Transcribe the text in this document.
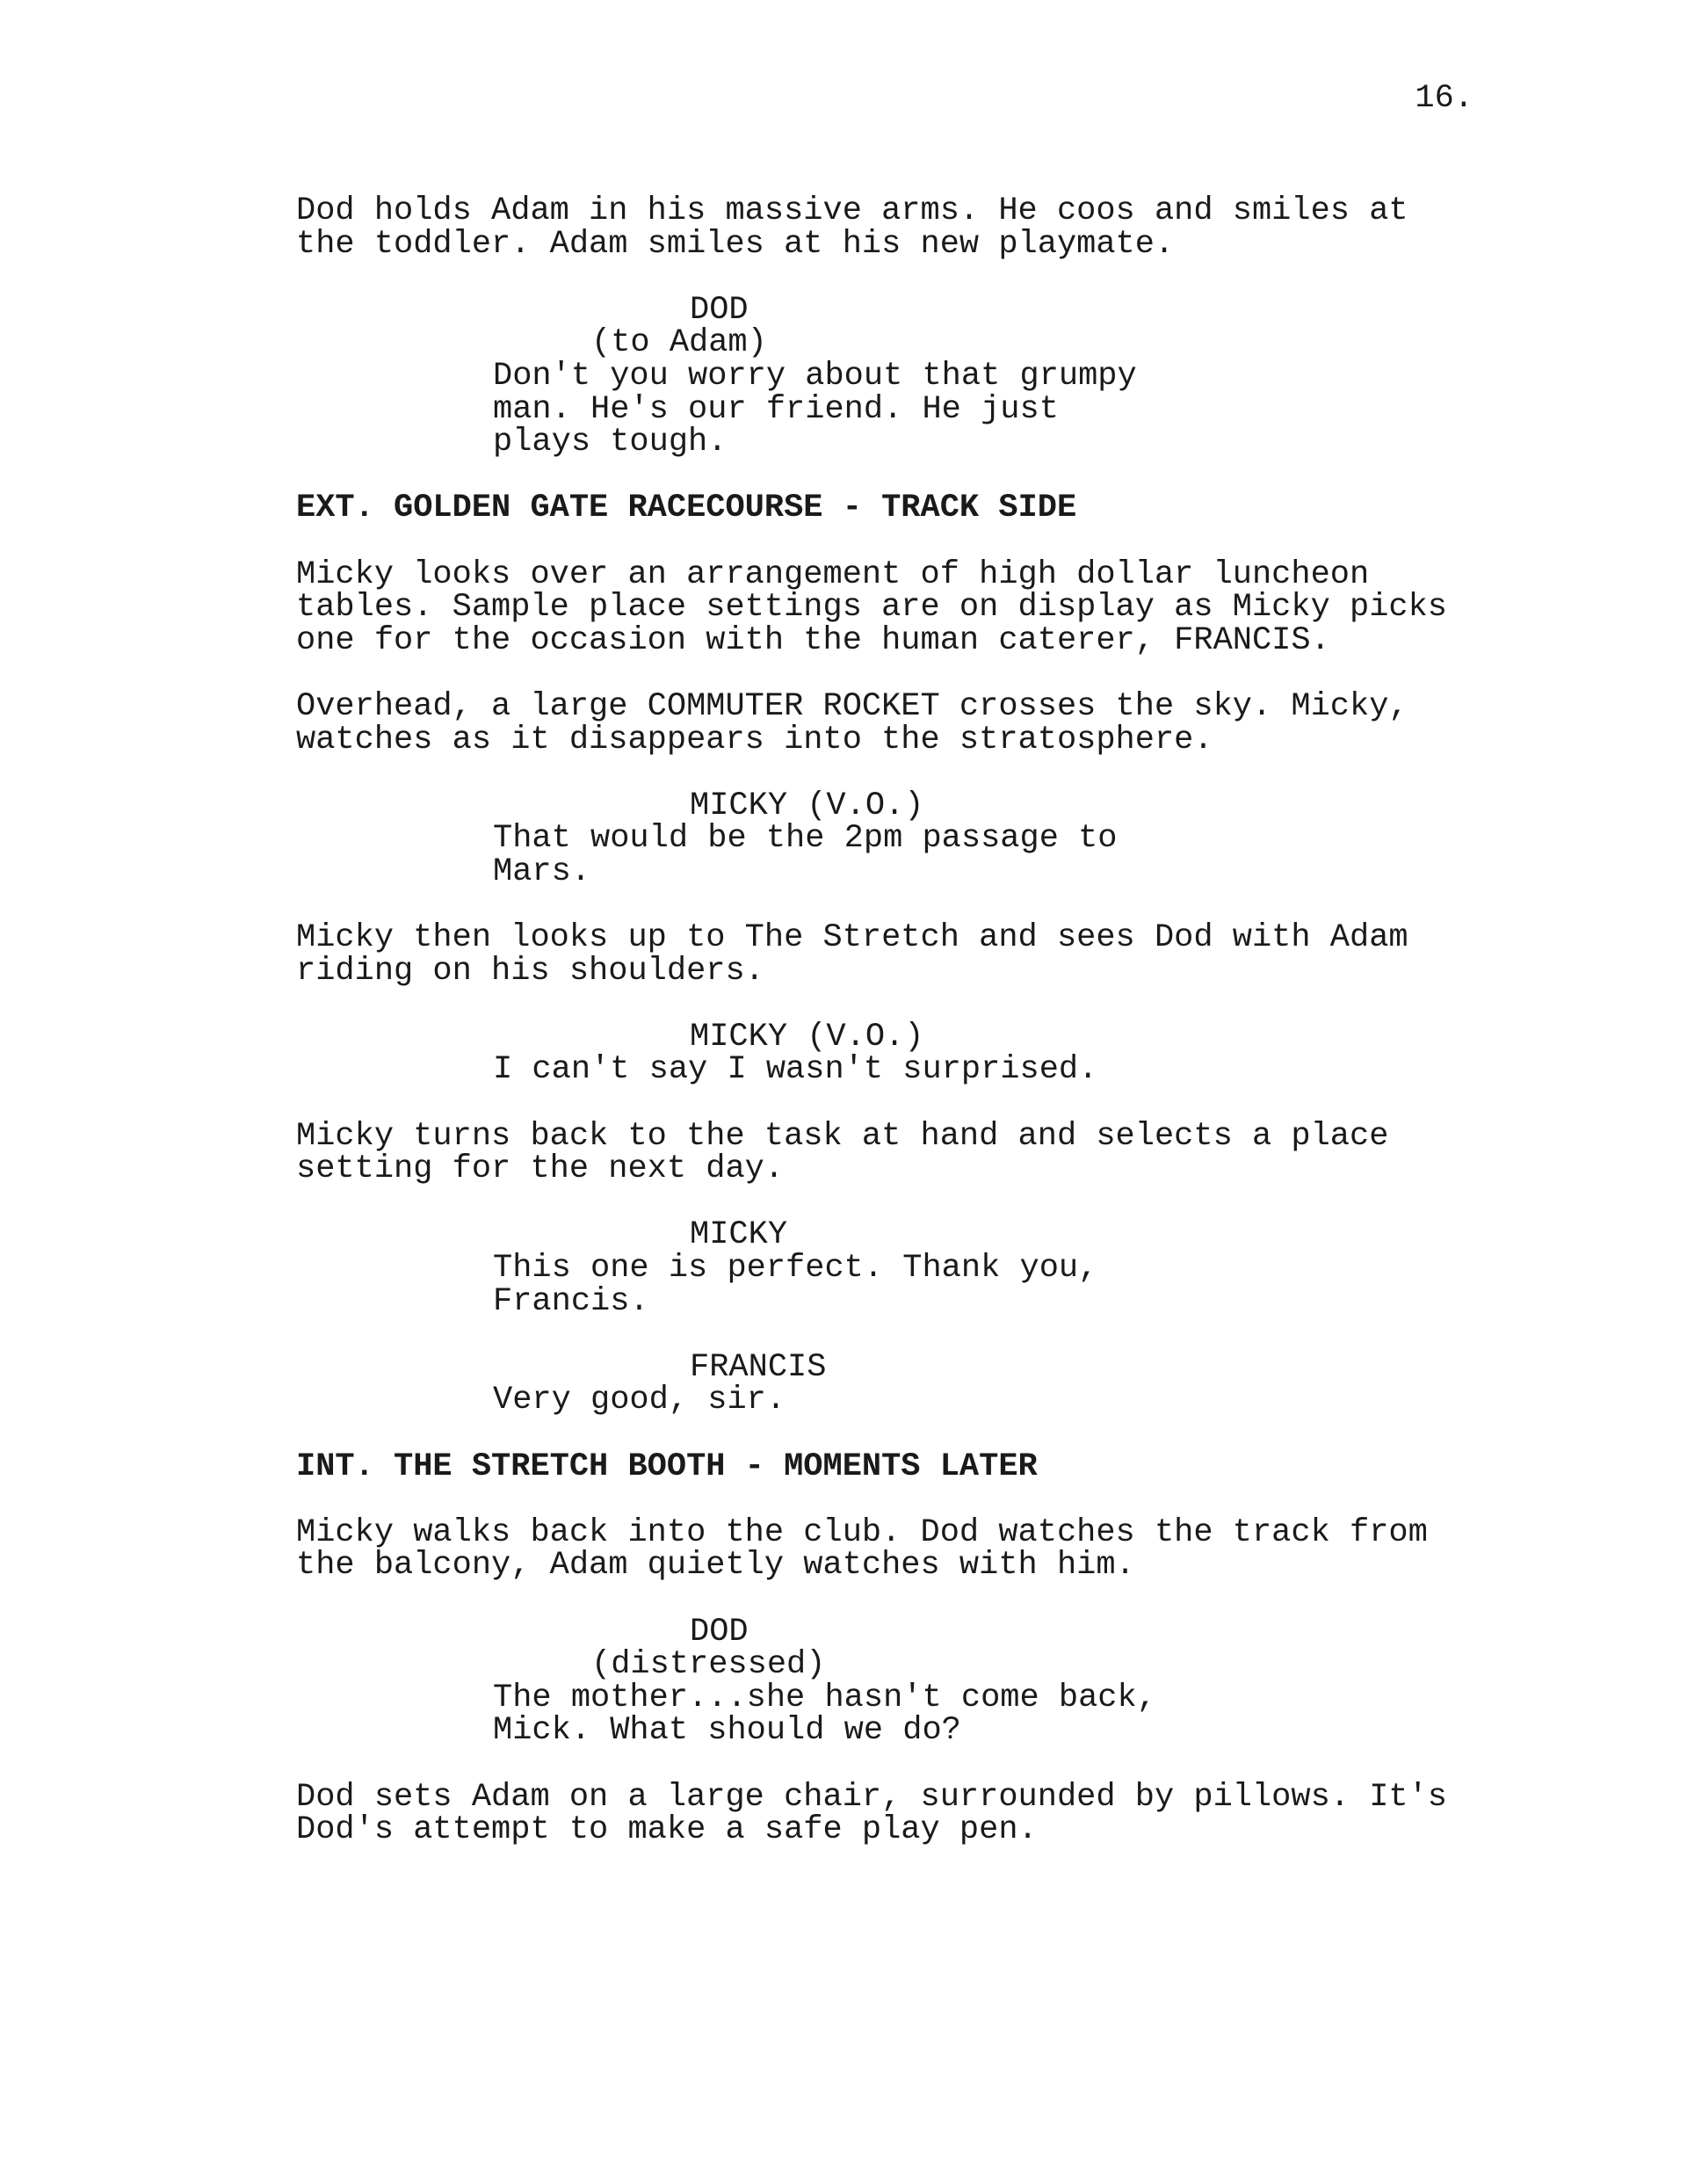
16.
Dod holds Adam in his massive arms. He coos and smiles at
the toddler. Adam smiles at his new playmate.
DOD
(to Adam)
Don't you worry about that grumpy
man. He's our friend. He just
plays tough.
EXT. GOLDEN GATE RACECOURSE - TRACK SIDE
Micky looks over an arrangement of high dollar luncheon
tables. Sample place settings are on display as Micky picks
one for the occasion with the human caterer, FRANCIS.
Overhead, a large COMMUTER ROCKET crosses the sky. Micky,
watches as it disappears into the stratosphere.
MICKY (V.O.)
That would be the 2pm passage to
Mars.
Micky then looks up to The Stretch and sees Dod with Adam
riding on his shoulders.
MICKY (V.O.)
I can't say I wasn't surprised.
Micky turns back to the task at hand and selects a place
setting for the next day.
MICKY
This one is perfect. Thank you,
Francis.
FRANCIS
Very good, sir.
INT. THE STRETCH BOOTH - MOMENTS LATER
Micky walks back into the club. Dod watches the track from
the balcony, Adam quietly watches with him.
DOD
(distressed)
The mother...she hasn't come back,
Mick. What should we do?
Dod sets Adam on a large chair, surrounded by pillows. It's
Dod's attempt to make a safe play pen.
